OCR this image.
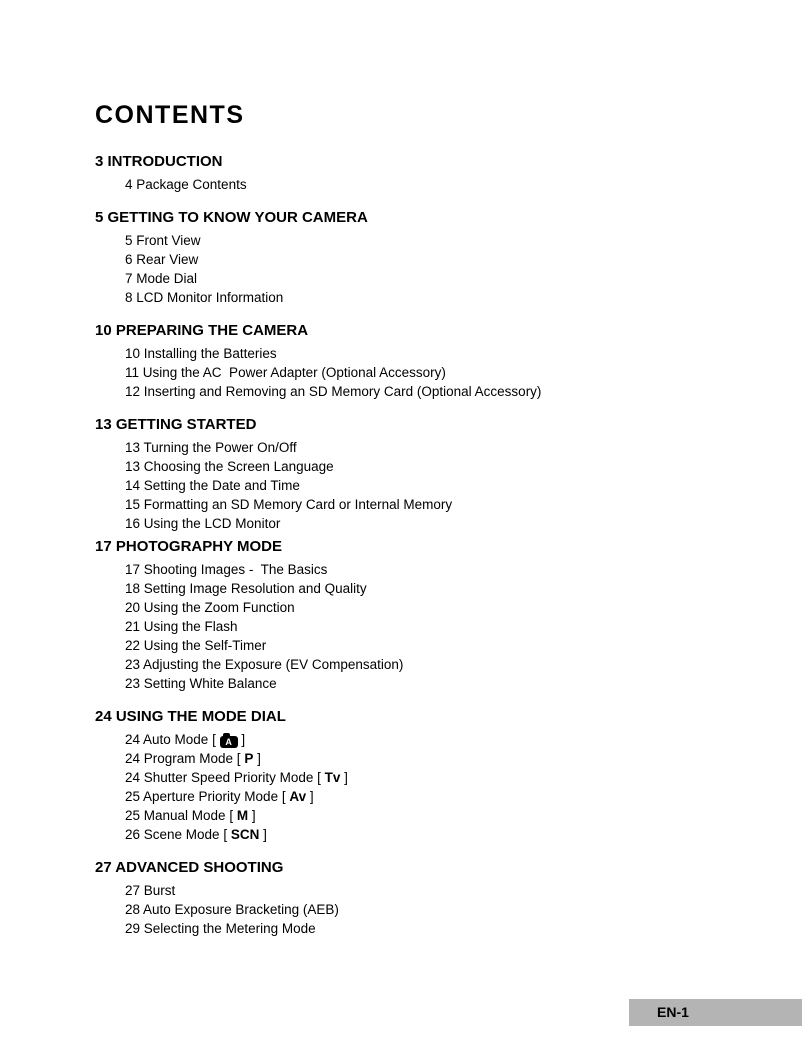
CONTENTS
3 INTRODUCTION
4 Package Contents
5 GETTING TO KNOW YOUR CAMERA
5 Front View
6 Rear View
7 Mode Dial
8 LCD Monitor Information
10 PREPARING THE CAMERA
10 Installing the Batteries
11 Using the AC  Power Adapter (Optional Accessory)
12 Inserting and Removing an SD Memory Card (Optional Accessory)
13 GETTING STARTED
13 Turning the Power On/Off
13 Choosing the Screen Language
14 Setting the Date and Time
15 Formatting an SD Memory Card or Internal Memory
16 Using the LCD Monitor
17 PHOTOGRAPHY MODE
17 Shooting Images -  The Basics
18 Setting Image Resolution and Quality
20 Using the Zoom Function
21 Using the Flash
22 Using the Self-Timer
23 Adjusting the Exposure (EV Compensation)
23 Setting White Balance
24 USING THE MODE DIAL
24 Auto Mode [ A ]
24 Program Mode [ P ]
24 Shutter Speed Priority Mode [ Tv ]
25 Aperture Priority Mode [ Av ]
25 Manual Mode [ M ]
26 Scene Mode [ SCN ]
27 ADVANCED SHOOTING
27 Burst
28 Auto Exposure Bracketing (AEB)
29 Selecting the Metering Mode
EN-1
